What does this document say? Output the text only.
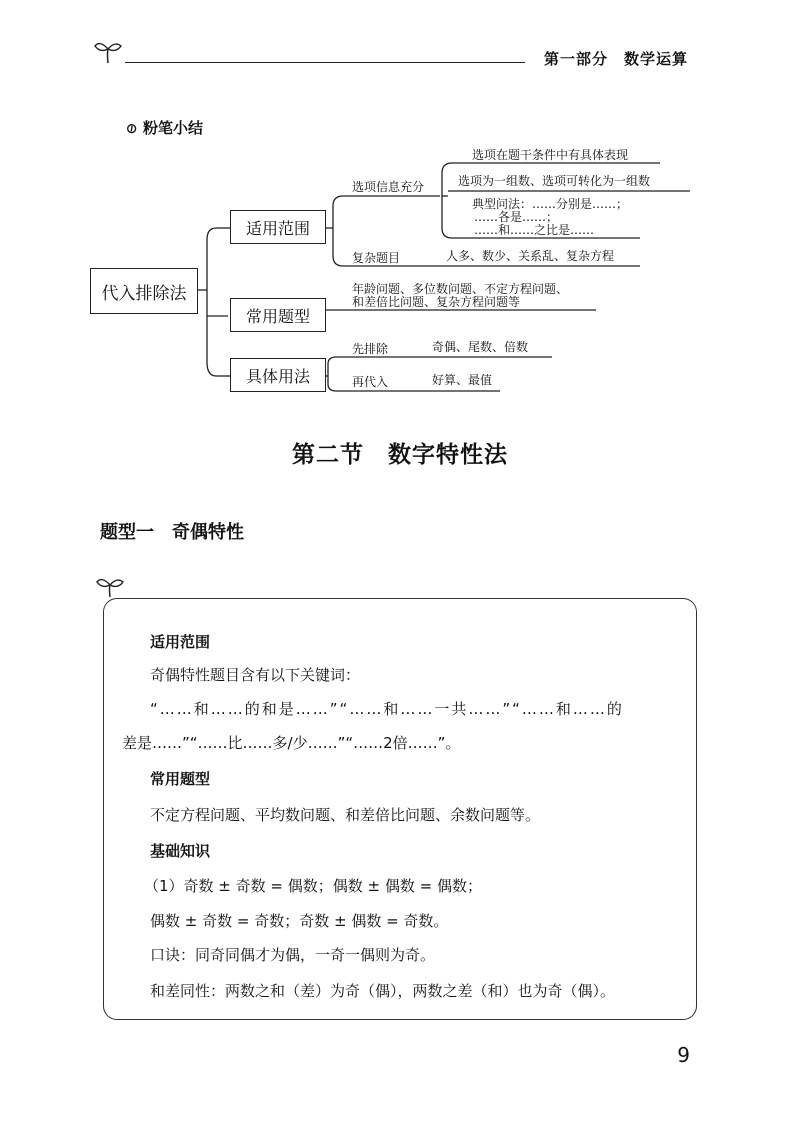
第一部分　数学运算
⊘ 粉笔小结
代入排除法
适用范围
常用题型
具体用法
选项信息充分
选项在题干条件中有具体表现
选项为一组数、选项可转化为一组数
典型问法：……分别是……；
……各是……；
……和……之比是……
复杂题目	人多、数少、关系乱、复杂方程
年龄问题、多位数问题、不定方程问题、
和差倍比问题、复杂方程问题等
先排除	奇偶、尾数、倍数
再代入	好算、最值
第二节　数字特性法
题型一　奇偶特性
适用范围
奇偶特性题目含有以下关键词：
“……和……的和是……”“……和……一共……”“……和……的
差是……”“……比……多/少……”“……2倍……”。
常用题型
不定方程问题、平均数问题、和差倍比问题、余数问题等。
基础知识
（1）奇数 ± 奇数 = 偶数；偶数 ± 偶数 = 偶数；
偶数 ± 奇数 = 奇数；奇数 ± 偶数 = 奇数。
口诀：同奇同偶才为偶，一奇一偶则为奇。
和差同性：两数之和（差）为奇（偶），两数之差（和）也为奇（偶）。
9
